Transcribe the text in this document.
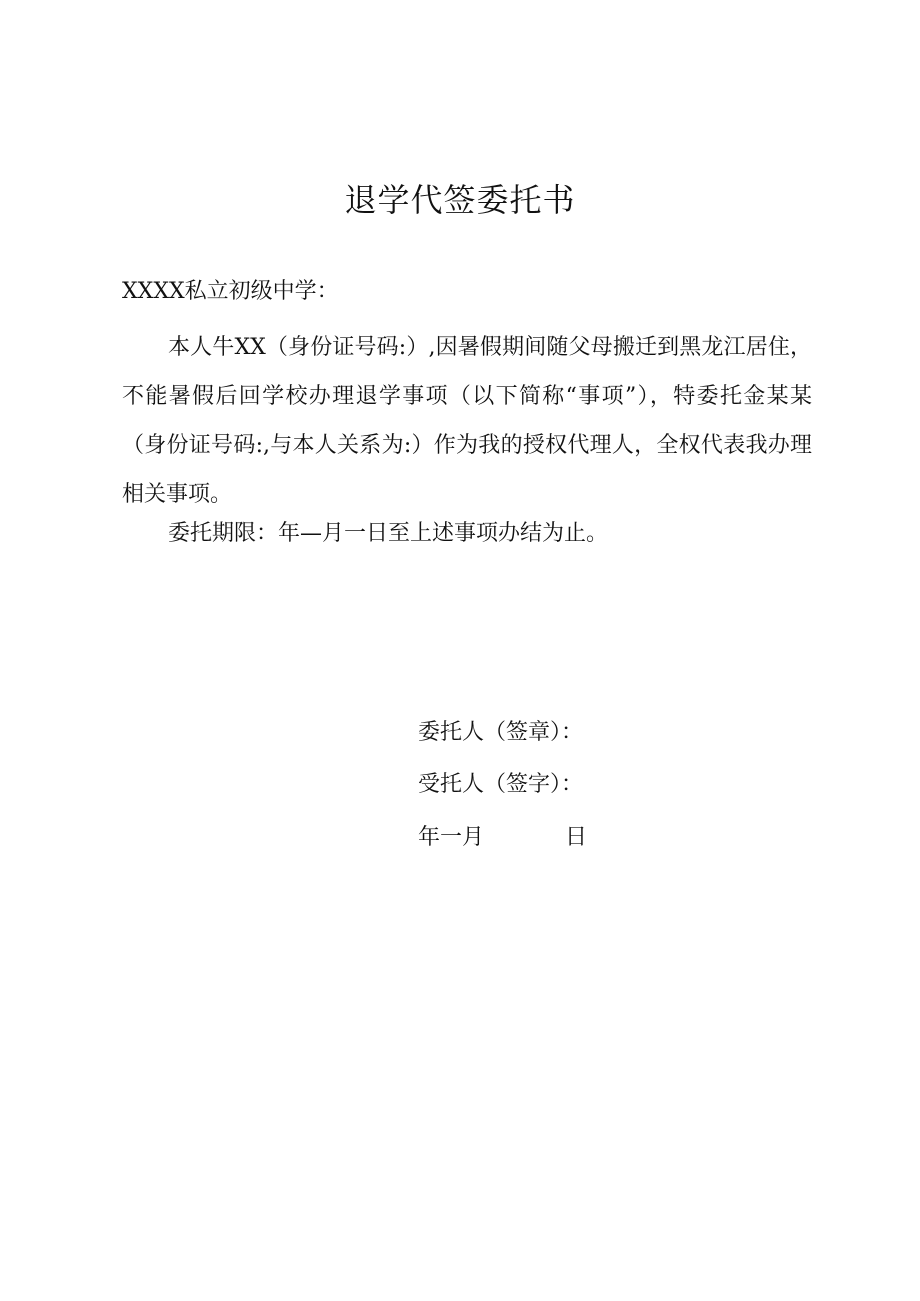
退学代签委托书

XXXX私立初级中学：

本人牛XX（身份证号码:）,因暑假期间随父母搬迁到黑龙江居住，不能暑假后回学校办理退学事项（以下简称“事项”），特委托金某某（身份证号码:,与本人关系为:）作为我的授权代理人，全权代表我办理相关事项。

委托期限：年—月一日至上述事项办结为止。

委托人（签章）：

受托人（签字）：

年一月

	日
